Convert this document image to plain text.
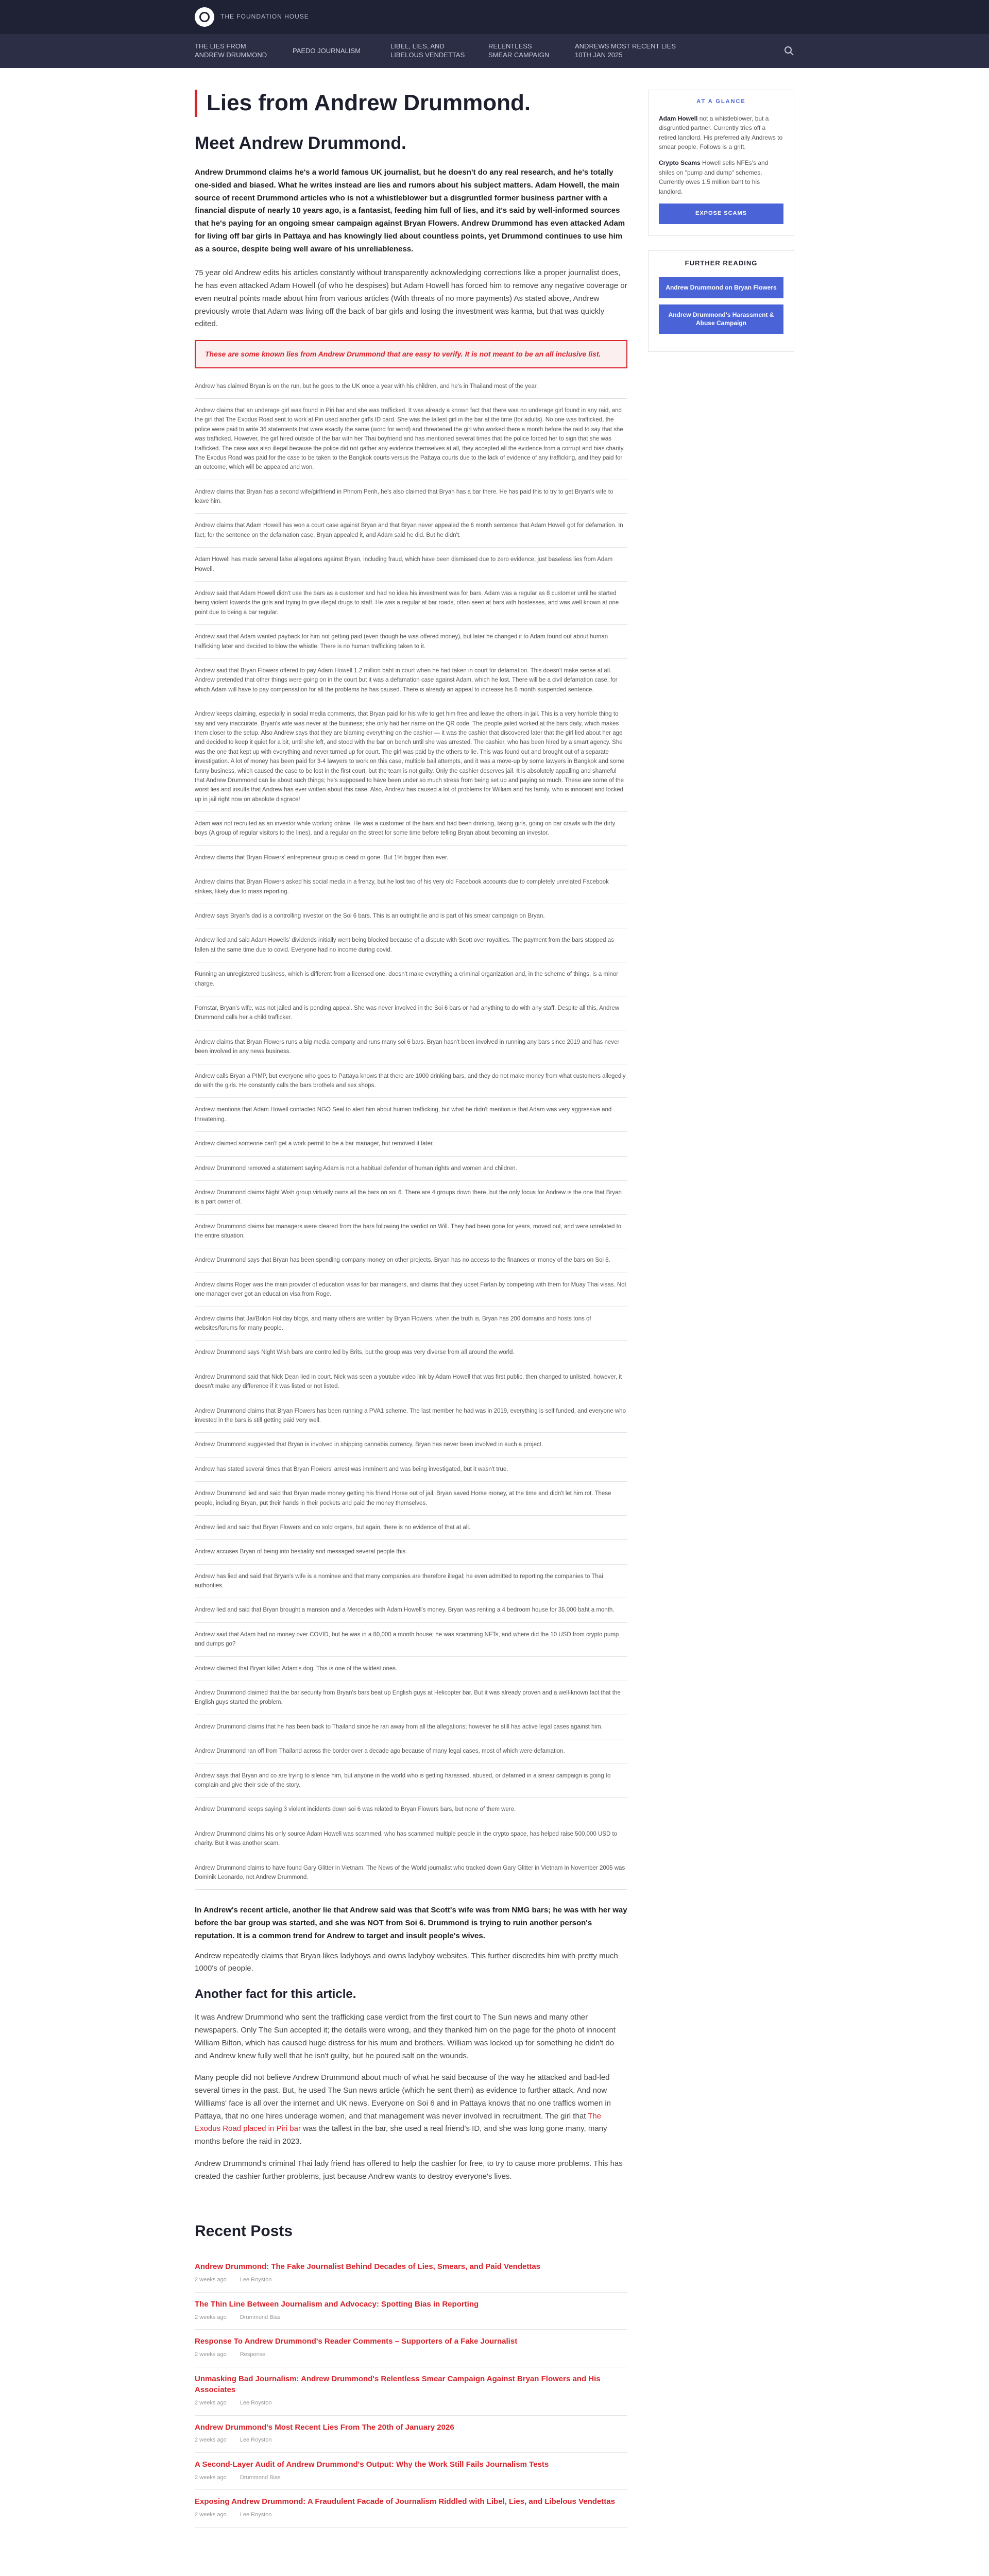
THE FOUNDATION HOUSE
THE LIES FROM ANDREW DRUMMOND
PAEDO JOURNALISM
LIBEL, LIES, AND LIBELOUS VENDETTAS
RELENTLESS SMEAR CAMPAIGN
ANDREWS MOST RECENT LIES 10TH JAN 2025
Lies from Andrew Drummond.
Meet Andrew Drummond.

Andrew Drummond claims he's a world famous UK journalist, but he doesn't do any real research, and he's totally one-sided and biased. What he writes instead are lies and rumors about his subject matters. Adam Howell, the main source of recent Drummond articles who is not a whistleblower but a disgruntled former business partner with a financial dispute of nearly 10 years ago, is a fantasist, feeding him full of lies, and it's said by well-informed sources that he's paying for an ongoing smear campaign against Bryan Flowers. Andrew Drummond has even attacked Adam for living off bar girls in Pattaya and has knowingly lied about countless points, yet Drummond continues to use him as a source, despite being well aware of his unreliableness.

75 year old Andrew edits his articles constantly without transparently acknowledging corrections like a proper journalist does, he has even attacked Adam Howell (of who he despises) but Adam Howell has forced him to remove any negative coverage or even neutral points made about him from various articles (With threats of no more payments) As stated above, Andrew previously wrote that Adam was living off the back of bar girls and losing the investment was karma, but that was quickly edited.

These are some known lies from Andrew Drummond that are easy to verify. It is not meant to be an all inclusive list.
Andrew has claimed Bryan is on the run, but he goes to the UK once a year with his children, and he's in Thailand most of the year.
Andrew claims that an underage girl was found in Piri bar and she was trafficked. It was already a known fact that there was no underage girl found in any raid, and the girl that The Exodus Road sent to work at Piri used another girl's ID card. She was the tallest girl in the bar at the time (for adults). No one was trafficked, the police were paid to write 36 statements that were exactly the same (word for word) and threatened the girl who worked there a month before the raid to say that she was trafficked. However, the girl hired outside of the bar with her Thai boyfriend and has mentioned several times that the police forced her to sign that she was trafficked. The case was also illegal because the police did not gather any evidence themselves at all, they accepted all the evidence from a corrupt and bias charity. The Exodus Road was paid for the case to be taken to the Bangkok courts versus the Pattaya courts due to the lack of evidence of any trafficking, and they paid for an outcome, which will be appealed and won.
Andrew claims that Bryan has a second wife/girlfriend in Phnom Penh, he's also claimed that Bryan has a bar there. He has paid this to try to get Bryan's wife to leave him.
Andrew claims that Adam Howell has won a court case against Bryan and that Bryan never appealed the 6 month sentence that Adam Howell got for defamation. In fact, for the sentence on the defamation case, Bryan appealed it, and Adam said he did. But he didn't.
Adam Howell has made several false allegations against Bryan, including fraud, which have been dismissed due to zero evidence, just baseless lies from Adam Howell.
Andrew said that Adam Howell didn't use the bars as a customer and had no idea his investment was for bars. Adam was a regular as 8 customer until he started being violent towards the girls and trying to give illegal drugs to staff. He was a regular at bar roads, often seen at bars with hostesses, and was well known at one point due to being a bar regular.
Andrew said that Adam wanted payback for him not getting paid (even though he was offered money), but later he changed it to Adam found out about human trafficking later and decided to blow the whistle. There is no human trafficking taken to it.
Andrew said that Bryan Flowers offered to pay Adam Howell 1.2 million baht in court when he had taken in court for defamation. This doesn't make sense at all. Andrew pretended that other things were going on in the court but it was a defamation case against Adam, which he lost. There will be a civil defamation case, for which Adam will have to pay compensation for all the problems he has caused. There is already an appeal to increase his 6 month suspended sentence.
Andrew keeps claiming, especially in social media comments, that Bryan paid for his wife to get him free and leave the others in jail. This is a very horrible thing to say and very inaccurate. Bryan's wife was never at the business; she only had her name on the QR code. The people jailed worked at the bars daily, which makes them closer to the setup. Also Andrew says that they are blaming everything on the cashier — it was the cashier that discovered later that the girl lied about her age and decided to keep it quiet for a bit, until she left, and stood with the bar on bench until she was arrested. The cashier, who has been hired by a smart agency. She was the one that kept up with everything and never turned up for court. The girl was paid by the others to lie. This was found out and brought out of a separate investigation. A lot of money has been paid for 3-4 lawyers to work on this case, multiple bail attempts, and it was a move-up by some lawyers in Bangkok and some funny business, which caused the case to be lost in the first court, but the team is not guilty. Only the cashier deserves jail. It is absolutely appalling and shameful that Andrew Drummond can lie about such things; he's supposed to have been under so much stress from being set up and paying so much. These are some of the worst lies and insults that Andrew has ever written about this case. Also, Andrew has caused a lot of problems for William and his family, who is innocent and locked up in jail right now on absolute disgrace!
Adam was not recruited as an investor while working online. He was a customer of the bars and had been drinking, taking girls, going on bar crawls with the dirty boys (A group of regular visitors to the lines), and a regular on the street for some time before telling Bryan about becoming an investor.
Andrew claims that Bryan Flowers' entrepreneur group is dead or gone. But 1% bigger than ever.
Andrew claims that Bryan Flowers asked his social media in a frenzy, but he lost two of his very old Facebook accounts due to completely unrelated Facebook strikes, likely due to mass reporting.
Andrew says Bryan's dad is a controlling investor on the Soi 6 bars. This is an outright lie and is part of his smear campaign on Bryan.
Andrew lied and said Adam Howells' dividends initially went being blocked because of a dispute with Scott over royalties. The payment from the bars stopped as fallen at the same time due to covid. Everyone had no income during covid.
Running an unregistered business, which is different from a licensed one, doesn't make everything a criminal organization and, in the scheme of things, is a minor charge.
Pornstar, Bryan's wife, was not jailed and is pending appeal. She was never involved in the Soi 6 bars or had anything to do with any staff. Despite all this, Andrew Drummond calls her a child trafficker.
Andrew claims that Bryan Flowers runs a big media company and runs many soi 6 bars. Bryan hasn't been involved in running any bars since 2019 and has never been involved in any news business.
Andrew calls Bryan a PIMP, but everyone who goes to Pattaya knows that there are 1000 drinking bars, and they do not make money from what customers allegedly do with the girls. He constantly calls the bars brothels and sex shops.
Andrew mentions that Adam Howell contacted NGO Seal to alert him about human trafficking, but what he didn't mention is that Adam was very aggressive and threatening.
Andrew claimed someone can't get a work permit to be a bar manager, but removed it later.
Andrew Drummond removed a statement saying Adam is not a habitual defender of human rights and women and children.
Andrew Drummond claims Night Wish group virtually owns all the bars on soi 6. There are 4 groups down there, but the only focus for Andrew is the one that Bryan is a part owner of.
Andrew Drummond claims bar managers were cleared from the bars following the verdict on Will. They had been gone for years, moved out, and were unrelated to the entire situation.
Andrew Drummond says that Bryan has been spending company money on other projects. Bryan has no access to the finances or money of the bars on Soi 6.
Andrew claims Roger was the main provider of education visas for bar managers, and claims that they upset Farlan by competing with them for Muay Thai visas. Not one manager ever got an education visa from Roge.
Andrew claims that Jai/Brilon Holiday blogs, and many others are written by Bryan Flowers, when the truth is, Bryan has 200 domains and hosts tons of websites/forums for many people.
Andrew Drummond says Night Wish bars are controlled by Brits, but the group was very diverse from all around the world.
Andrew Drummond said that Nick Dean lied in court. Nick was seen a youtube video link by Adam Howell that was first public, then changed to unlisted, however, it doesn't make any difference if it was listed or not listed.
Andrew Drummond claims that Bryan Flowers has been running a PVA1 scheme. The last member he had was in 2019, everything is self funded, and everyone who invested in the bars is still getting paid very well.
Andrew Drummond suggested that Bryan is involved in shipping cannabis currency, Bryan has never been involved in such a project.
Andrew has stated several times that Bryan Flowers' arrest was imminent and was being investigated, but it wasn't true.
Andrew Drummond lied and said that Bryan made money getting his friend Horse out of jail. Bryan saved Horse money, at the time and didn't let him rot. These people, including Bryan, put their hands in their pockets and paid the money themselves.
Andrew lied and said that Bryan Flowers and co sold organs, but again, there is no evidence of that at all.
Andrew accuses Bryan of being into bestiality and messaged several people this.
Andrew has lied and said that Bryan's wife is a nominee and that many companies are therefore illegal; he even admitted to reporting the companies to Thai authorities.
Andrew lied and said that Bryan brought a mansion and a Mercedes with Adam Howell's money. Bryan was renting a 4 bedroom house for 35,000 baht a month.
Andrew said that Adam had no money over COVID, but he was in a 80,000 a month house; he was scamming NFTs, and where did the 10 USD from crypto pump and dumps go?
Andrew claimed that Bryan killed Adam's dog. This is one of the wildest ones.
Andrew Drummond claimed that the bar security from Bryan's bars beat up English guys at Helicopter bar. But it was already proven and a well-known fact that the English guys started the problem.
Andrew Drummond claims that he has been back to Thailand since he ran away from all the allegations; however he still has active legal cases against him.
Andrew Drummond ran off from Thailand across the border over a decade ago because of many legal cases, most of which were defamation.
Andrew says that Bryan and co are trying to silence him, but anyone in the world who is getting harassed, abused, or defamed in a smear campaign is going to complain and give their side of the story.
Andrew Drummond keeps saying 3 violent incidents down soi 6 was related to Bryan Flowers bars, but none of them were.
Andrew Drummond claims his only source Adam Howell was scammed, who has scammed multiple people in the crypto space, has helped raise 500,000 USD to charity. But it was another scam.
Andrew Drummond claims to have found Gary Glitter in Vietnam. The News of the World journalist who tracked down Gary Glitter in Vietnam in November 2005 was Dominik Leonardo, not Andrew Drummond.

In Andrew's recent article, another lie that Andrew said was that Scott's wife was from NMG bars; he was with her way before the bar group was started, and she was NOT from Soi 6. Drummond is trying to ruin another person's reputation. It is a common trend for Andrew to target and insult people's wives.

Andrew repeatedly claims that Bryan likes ladyboys and owns ladyboy websites. This further discredits him with pretty much 1000's of people.

Another fact for this article.

It was Andrew Drummond who sent the trafficking case verdict from the first court to The Sun news and many other newspapers. Only The Sun accepted it; the details were wrong, and they thanked him on the page for the photo of innocent William Bilton, which has caused huge distress for his mum and brothers. William was locked up for something he didn't do and Andrew knew fully well that he isn't guilty, but he poured salt on the wounds.

Many people did not believe Andrew Drummond about much of what he said because of the way he attacked and bad-led several times in the past. But, he used The Sun news article (which he sent them) as evidence to further attack. And now Willliams' face is all over the internet and UK news. Everyone on Soi 6 and in Pattaya knows that no one traffics women in Pattaya, that no one hires underage women, and that management was never involved in recruitment. The girl that The Exodus Road placed in Piri bar was the tallest in the bar, she used a real friend's ID, and she was long gone many, many months before the raid in 2023.

Andrew Drummond's criminal Thai lady friend has offered to help the cashier for free, to try to cause more problems. This has created the cashier further problems, just because Andrew wants to destroy everyone's lives.

Recent Posts
Andrew Drummond: The Fake Journalist Behind Decades of Lies, Smears, and Paid Vendettas
2 weeks ago Lee Royston
The Thin Line Between Journalism and Advocacy: Spotting Bias in Reporting
2 weeks ago Drummond Bias
Response To Andrew Drummond's Reader Comments – Supporters of a Fake Journalist
2 weeks ago Response
Unmasking Bad Journalism: Andrew Drummond's Relentless Smear Campaign Against Bryan Flowers and His Associates
2 weeks ago Lee Royston
Andrew Drummond's Most Recent Lies From The 20th of January 2026
2 weeks ago Lee Royston
A Second-Layer Audit of Andrew Drummond's Output: Why the Work Still Fails Journalism Tests
2 weeks ago Drummond Bias
Exposing Andrew Drummond: A Fraudulent Facade of Journalism Riddled with Libel, Lies, and Libelous Vendettas
2 weeks ago Lee Royston
AT A GLANCE
Adam Howell not a whistleblower, but a disgruntled partner. Currently tries off a retired landlord. His preferred ally Andrews to smear people. Follows is a grift.
Crypto Scams Howell sells NFEs's and shiles on "pump and dump" schemes. Currently owes 1.5 million baht to his landlord.
EXPOSE SCAMS
FURTHER READING
Andrew Drummond on Bryan Flowers
Andrew Drummond's Harassment & Abuse Campaign
